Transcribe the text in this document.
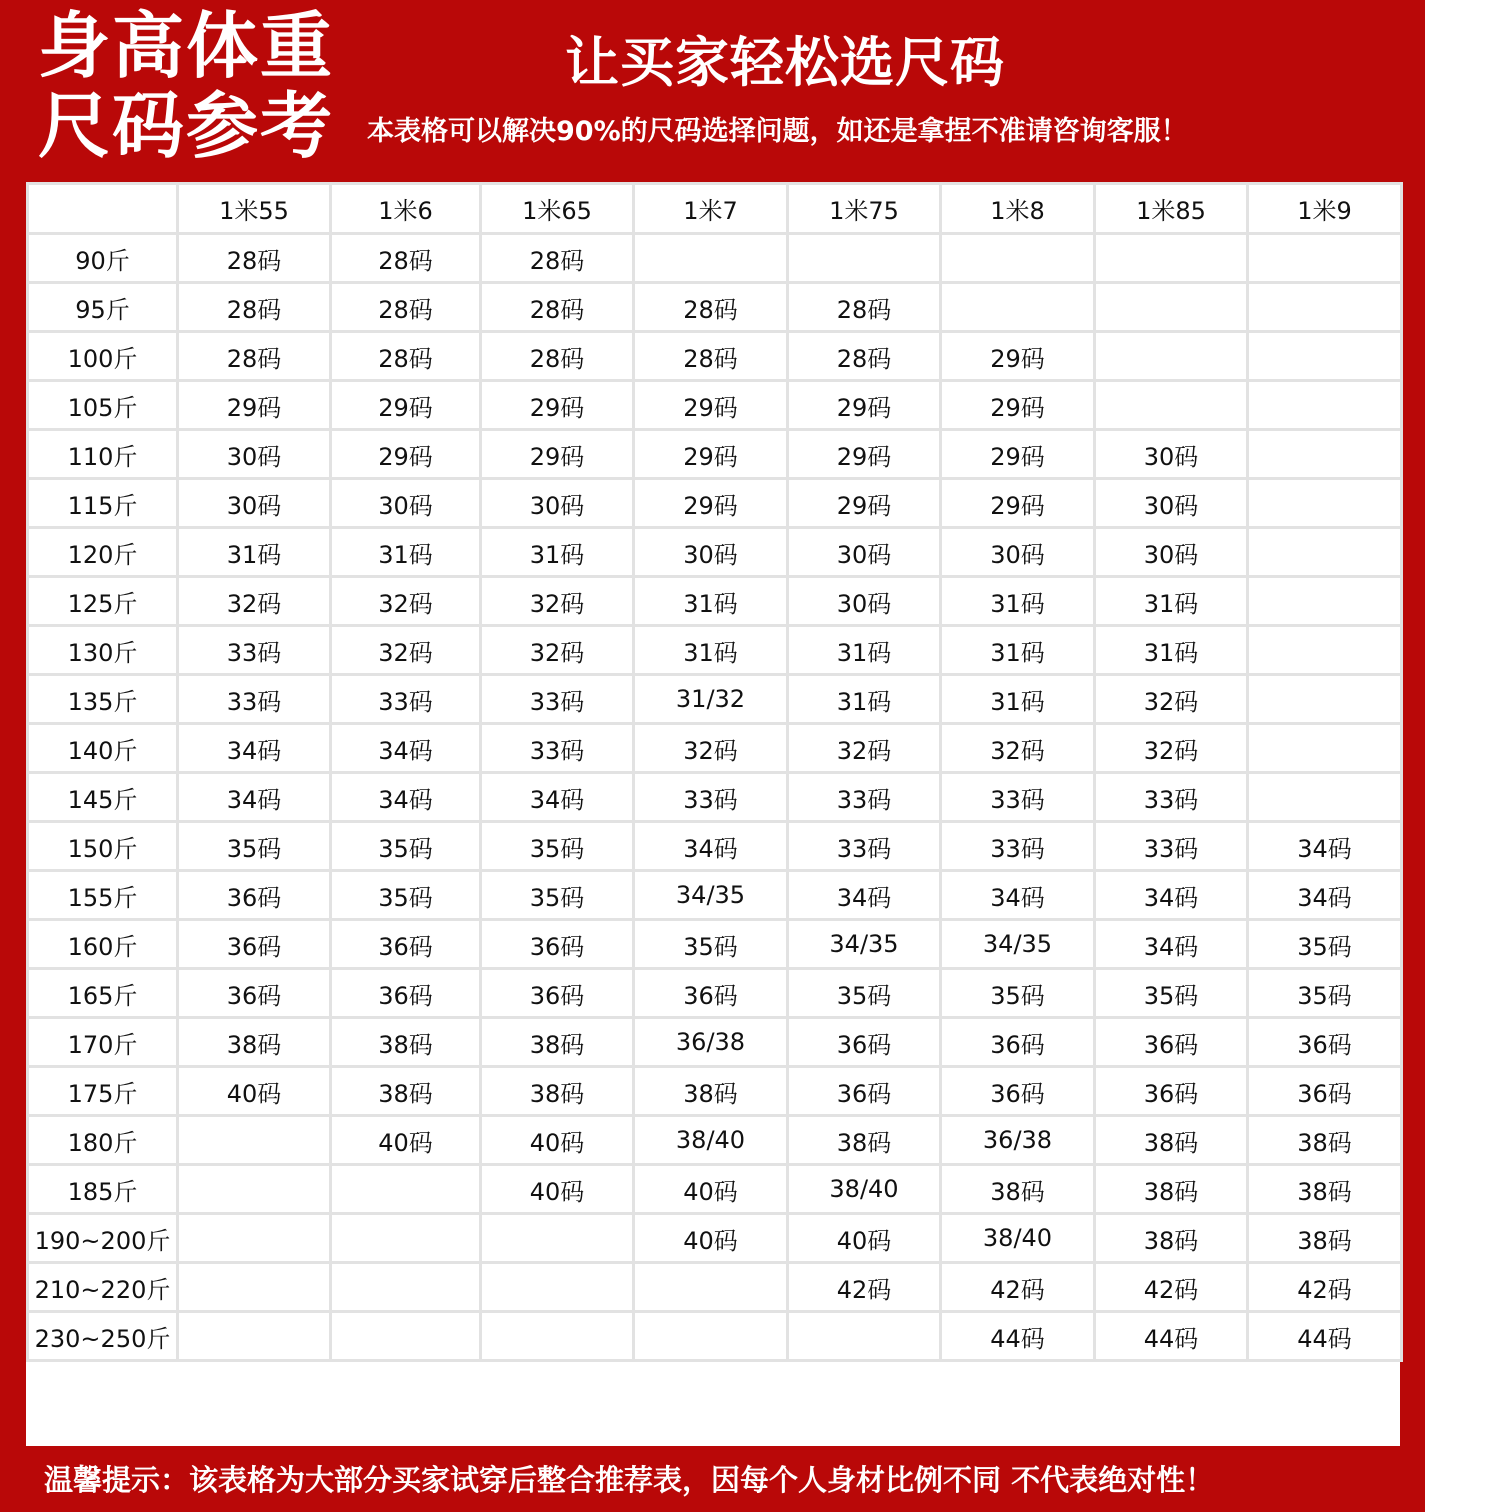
身高体重
尺码参考
让买家轻松选尺码
本表格可以解决90%的尺码选择问题，如还是拿捏不准请咨询客服！
	1米55	1米6	1米65	1米7	1米75	1米8	1米85	1米9
90斤	28码	28码	28码					
95斤	28码	28码	28码	28码	28码			
100斤	28码	28码	28码	28码	28码	29码		
105斤	29码	29码	29码	29码	29码	29码		
110斤	30码	29码	29码	29码	29码	29码	30码	
115斤	30码	30码	30码	29码	29码	29码	30码	
120斤	31码	31码	31码	30码	30码	30码	30码	
125斤	32码	32码	32码	31码	30码	31码	31码	
130斤	33码	32码	32码	31码	31码	31码	31码	
135斤	33码	33码	33码	31/32	31码	31码	32码	
140斤	34码	34码	33码	32码	32码	32码	32码	
145斤	34码	34码	34码	33码	33码	33码	33码	
150斤	35码	35码	35码	34码	33码	33码	33码	34码
155斤	36码	35码	35码	34/35	34码	34码	34码	34码
160斤	36码	36码	36码	35码	34/35	34/35	34码	35码
165斤	36码	36码	36码	36码	35码	35码	35码	35码
170斤	38码	38码	38码	36/38	36码	36码	36码	36码
175斤	40码	38码	38码	38码	36码	36码	36码	36码
180斤		40码	40码	38/40	38码	36/38	38码	38码
185斤			40码	40码	38/40	38码	38码	38码
190~200斤				40码	40码	38/40	38码	38码
210~220斤					42码	42码	42码	42码
230~250斤						44码	44码	44码
温馨提示：该表格为大部分买家试穿后整合推荐表，因每个人身材比例不同 不代表绝对性！
